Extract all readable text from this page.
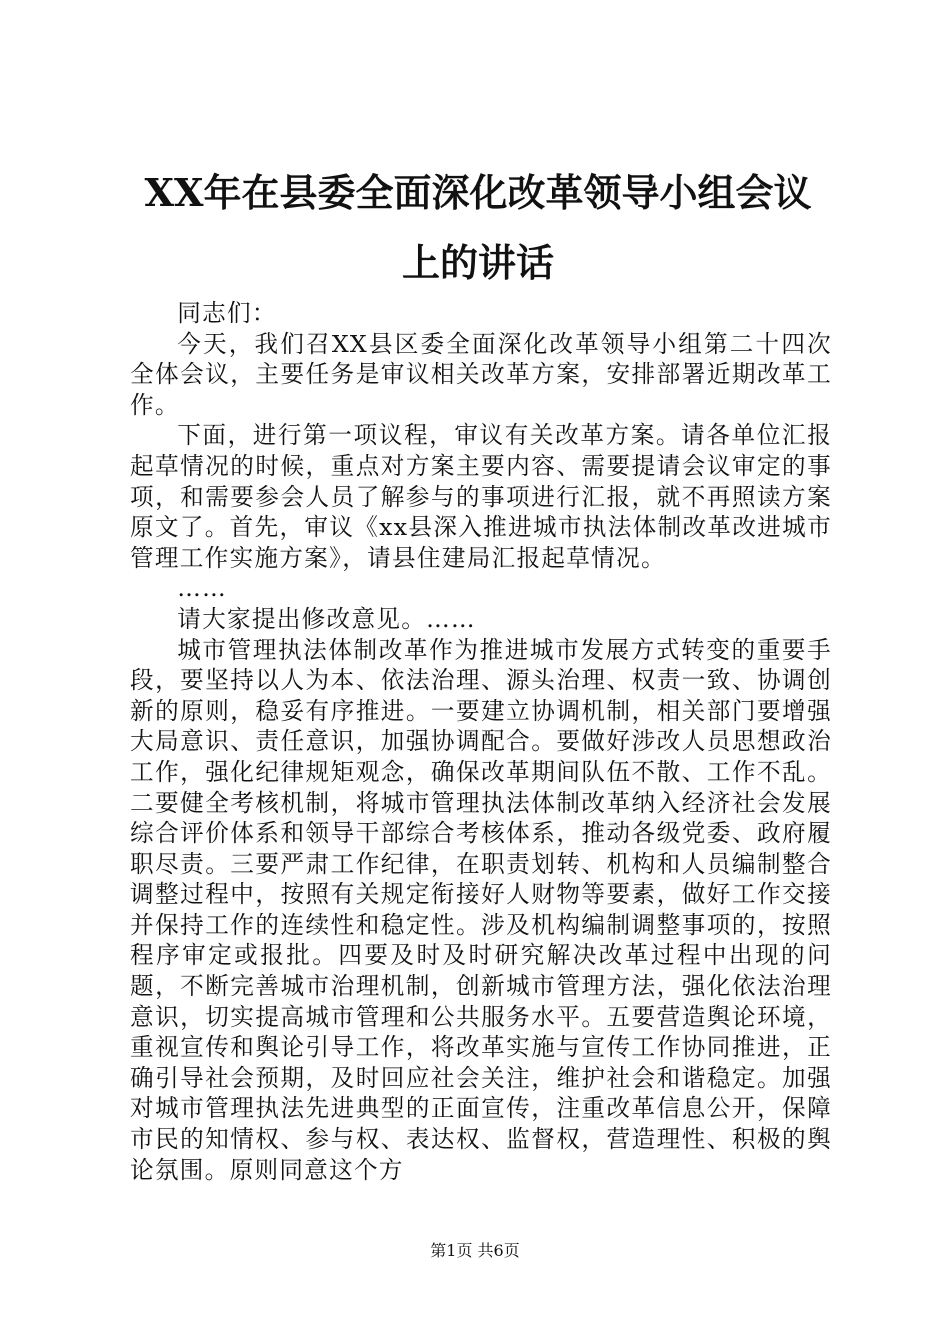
XX年在县委全面深化改革领导小组会议上的讲话

同志们：

今天，我们召XX县区委全面深化改革领导小组第二十四次全体会议，主要任务是审议相关改革方案，安排部署近期改革工作。

下面，进行第一项议程，审议有关改革方案。请各单位汇报起草情况的时候，重点对方案主要内容、需要提请会议审定的事项，和需要参会人员了解参与的事项进行汇报，就不再照读方案原文了。首先，审议《xx县深入推进城市执法体制改革改进城市管理工作实施方案》，请县住建局汇报起草情况。

……

请大家提出修改意见。……

城市管理执法体制改革作为推进城市发展方式转变的重要手段，要坚持以人为本、依法治理、源头治理、权责一致、协调创新的原则，稳妥有序推进。一要建立协调机制，相关部门要增强大局意识、责任意识，加强协调配合。要做好涉改人员思想政治工作，强化纪律规矩观念，确保改革期间队伍不散、工作不乱。二要健全考核机制，将城市管理执法体制改革纳入经济社会发展综合评价体系和领导干部综合考核体系，推动各级党委、政府履职尽责。三要严肃工作纪律，在职责划转、机构和人员编制整合调整过程中，按照有关规定衔接好人财物等要素，做好工作交接并保持工作的连续性和稳定性。涉及机构编制调整事项的，按照程序审定或报批。四要及时及时研究解决改革过程中出现的问题，不断完善城市治理机制，创新城市管理方法，强化依法治理意识，切实提高城市管理和公共服务水平。五要营造舆论环境，重视宣传和舆论引导工作，将改革实施与宣传工作协同推进，正确引导社会预期，及时回应社会关注，维护社会和谐稳定。加强对城市管理执法先进典型的正面宣传，注重改革信息公开，保障市民的知情权、参与权、表达权、监督权，营造理性、积极的舆论氛围。原则同意这个方

第1页 共6页
